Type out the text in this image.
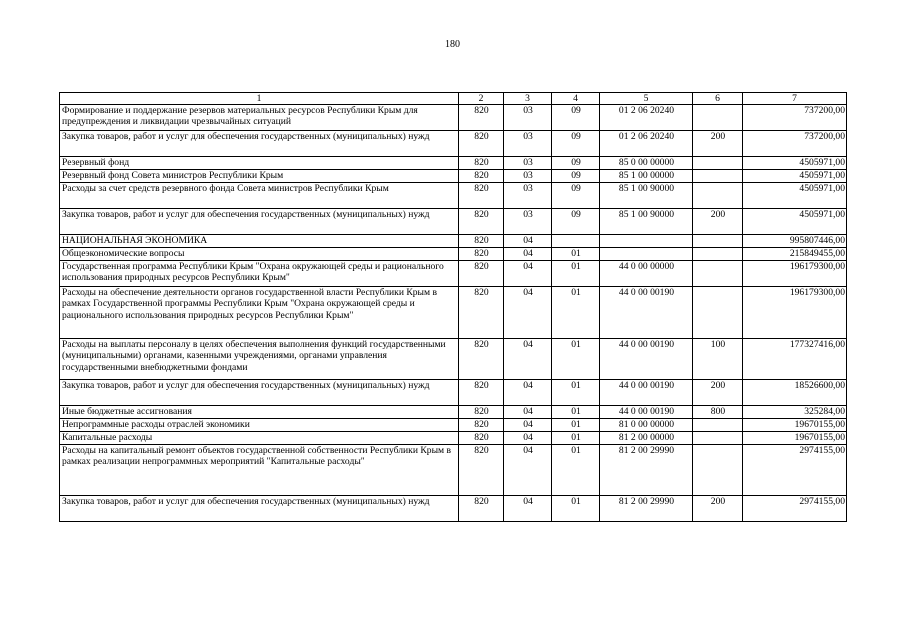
180
1	2	3	4	5	6	7
Формирование и поддержание резервов материальных ресурсов Республики Крым для предупреждения и ликвидации чрезвычайных ситуаций	820	03	09	01 2 06 20240		737200,00
Закупка товаров, работ и услуг для обеспечения государственных (муниципальных) нужд	820	03	09	01 2 06 20240	200	737200,00
Резервный фонд	820	03	09	85 0 00 00000		4505971,00
Резервный фонд Совета министров Республики Крым	820	03	09	85 1 00 00000		4505971,00
Расходы за счет средств резервного фонда Совета министров Республики Крым	820	03	09	85 1 00 90000		4505971,00
Закупка товаров, работ и услуг для обеспечения государственных (муниципальных) нужд	820	03	09	85 1 00 90000	200	4505971,00
НАЦИОНАЛЬНАЯ ЭКОНОМИКА	820	04				995807446,00
Общеэкономические вопросы	820	04	01			215849455,00
Государственная программа Республики Крым "Охрана окружающей среды и рационального использования природных ресурсов Республики Крым"	820	04	01	44 0 00 00000		196179300,00
Расходы на обеспечение деятельности органов государственной власти Республики Крым в рамках Государственной программы Республики Крым "Охрана окружающей среды и рационального использования природных ресурсов Республики Крым"	820	04	01	44 0 00 00190		196179300,00
Расходы на выплаты персоналу в целях обеспечения выполнения функций государственными (муниципальными) органами, казенными учреждениями, органами управления государственными внебюджетными фондами	820	04	01	44 0 00 00190	100	177327416,00
Закупка товаров, работ и услуг для обеспечения государственных (муниципальных) нужд	820	04	01	44 0 00 00190	200	18526600,00
Иные бюджетные ассигнования	820	04	01	44 0 00 00190	800	325284,00
Непрограммные расходы отраслей экономики	820	04	01	81 0 00 00000		19670155,00
Капитальные расходы	820	04	01	81 2 00 00000		19670155,00
Расходы на капитальный ремонт объектов государственной собственности Республики Крым в рамках реализации непрограммных мероприятий "Капитальные расходы"	820	04	01	81 2 00 29990		2974155,00
Закупка товаров, работ и услуг для обеспечения государственных (муниципальных) нужд	820	04	01	81 2 00 29990	200	2974155,00
